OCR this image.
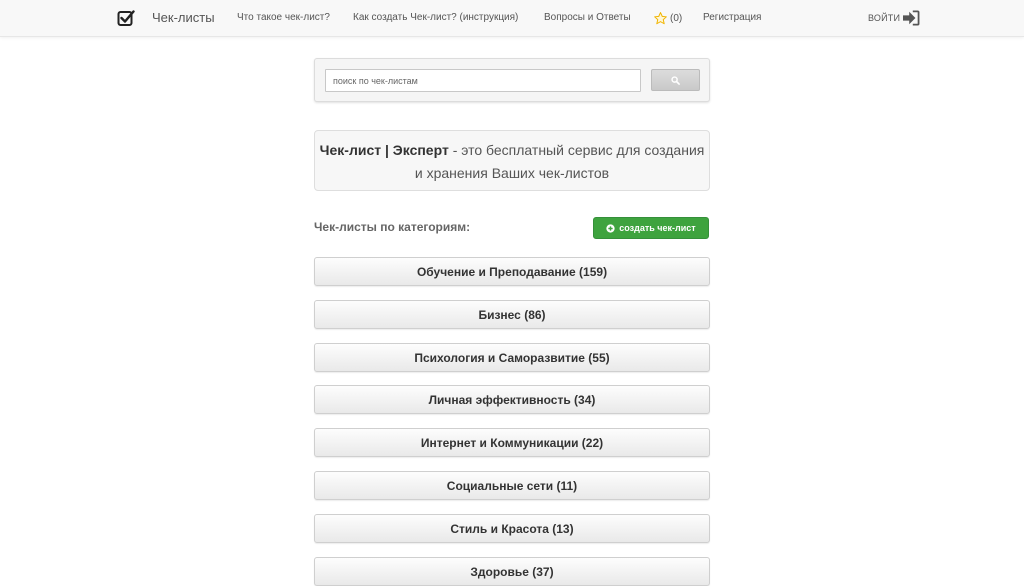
Чек-листы Что такое чек-лист? Как создать Чек-лист? (инструкция)	Вопросы и Ответы	(0) Регистрация	ВОЙТИ
поиск по чек-листам
Чек-лист | Эксперт - это бесплатный сервис для создания и хранения Ваших чек-листов
Чек-листы по категориям:	создать чек-лист
Обучение и Преподавание (159)
Бизнес (86)
Психология и Саморазвитие (55)
Личная эффективность (34)
Интернет и Коммуникации (22)
Социальные сети (11)
Стиль и Красота (13)
Здоровье (37)
